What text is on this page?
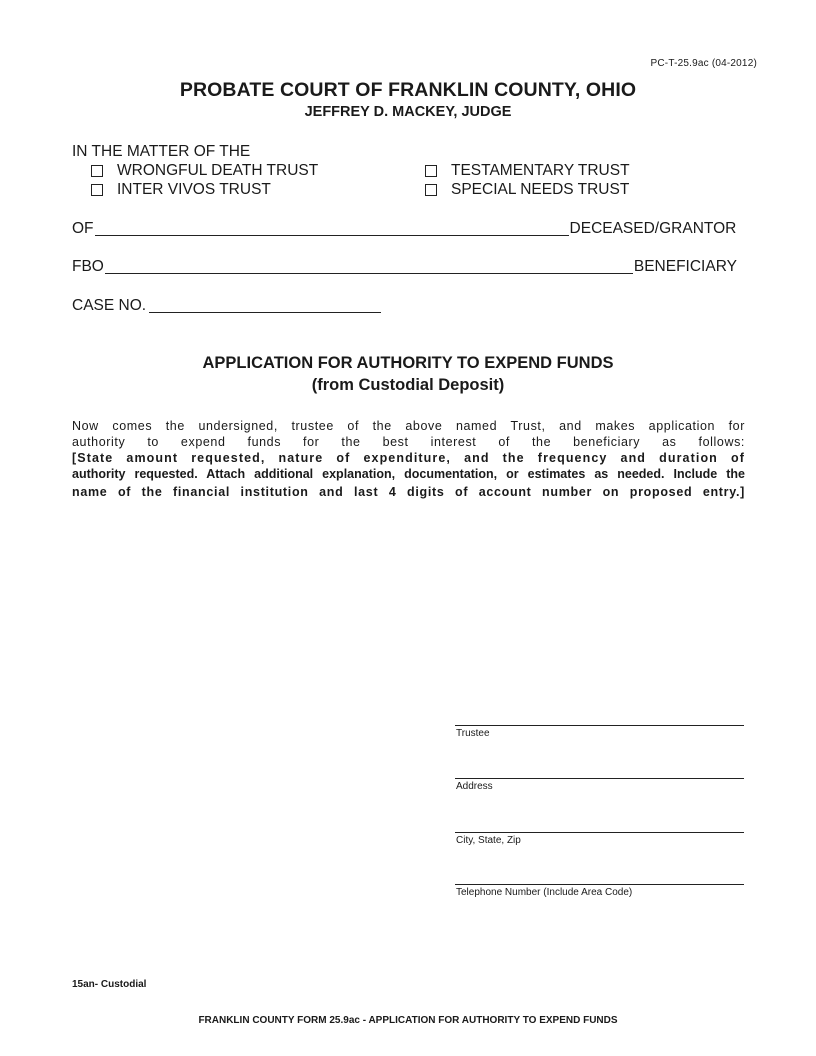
PC-T-25.9ac (04-2012)
PROBATE COURT OF FRANKLIN COUNTY, OHIO
JEFFREY D. MACKEY, JUDGE
IN THE MATTER OF THE
WRONGFUL DEATH TRUST	TESTAMENTARY TRUST
INTER VIVOS TRUST	SPECIAL NEEDS TRUST
OF	DECEASED/GRANTOR
FBO	BENEFICIARY
CASE NO.
APPLICATION FOR AUTHORITY TO EXPEND FUNDS
(from Custodial Deposit)
Now comes the undersigned, trustee of the above named Trust, and makes application for
authority to expend funds for the best interest of the beneficiary as follows:
[State amount requested, nature of expenditure, and the frequency and duration of
authority requested. Attach additional explanation, documentation, or estimates as needed. Include the
name of the financial institution and last 4 digits of account number on proposed entry.]
Trustee
Address
City, State, Zip
Telephone Number (Include Area Code)
15an- Custodial
FRANKLIN COUNTY FORM 25.9ac - APPLICATION FOR AUTHORITY TO EXPEND FUNDS
